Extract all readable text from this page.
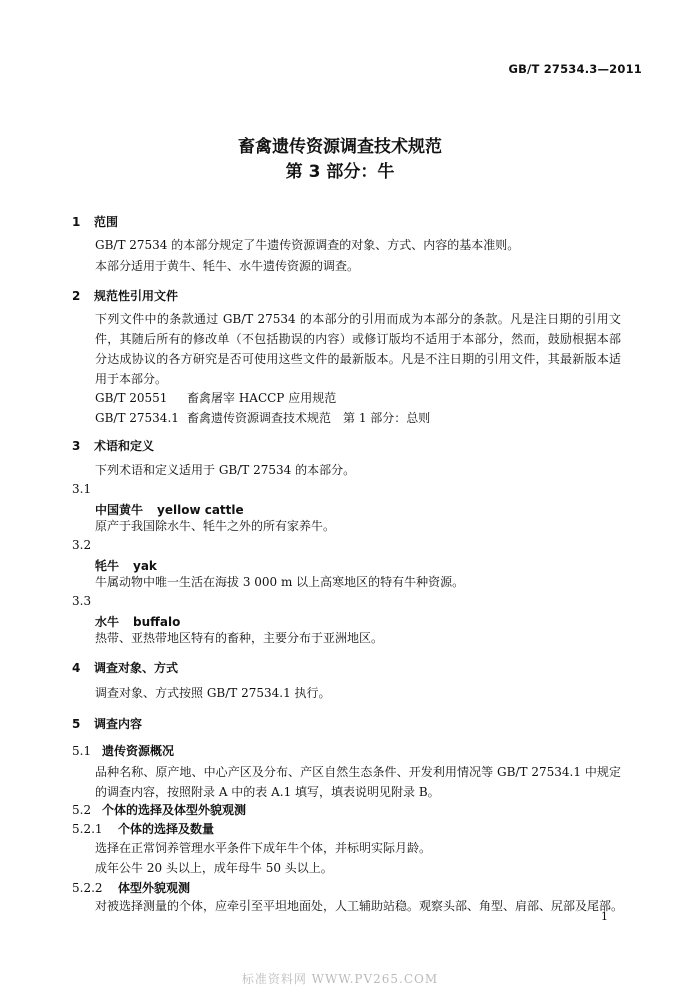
GB/T 27534.3—2011
畜禽遗传资源调查技术规范
第 3 部分：牛
1 范围
GB/T 27534 的本部分规定了牛遗传资源调查的对象、方式、内容的基本准则。
本部分适用于黄牛、牦牛、水牛遗传资源的调查。
2 规范性引用文件
下列文件中的条款通过 GB/T 27534 的本部分的引用而成为本部分的条款。凡是注日期的引用文件，其随后所有的修改单（不包括勘误的内容）或修订版均不适用于本部分，然而，鼓励根据本部分达成协议的各方研究是否可使用这些文件的最新版本。凡是不注日期的引用文件，其最新版本适用于本部分。
GB/T 20551 畜禽屠宰 HACCP 应用规范
GB/T 27534.1 畜禽遗传资源调查技术规范　第 1 部分：总则
3 术语和定义
下列术语和定义适用于 GB/T 27534 的本部分。
3.1
中国黄牛 yellow cattle
原产于我国除水牛、牦牛之外的所有家养牛。
3.2
牦牛 yak
牛属动物中唯一生活在海拔 3 000 m 以上高寒地区的特有牛种资源。
3.3
水牛 buffalo
热带、亚热带地区特有的畜种，主要分布于亚洲地区。
4 调查对象、方式
调查对象、方式按照 GB/T 27534.1 执行。
5 调查内容
5.1 遗传资源概况
品种名称、原产地、中心产区及分布、产区自然生态条件、开发利用情况等 GB/T 27534.1 中规定的调查内容，按照附录 A 中的表 A.1 填写，填表说明见附录 B。
5.2 个体的选择及体型外貌观测
5.2.1 个体的选择及数量
选择在正常饲养管理水平条件下成年牛个体，并标明实际月龄。
成年公牛 20 头以上，成年母牛 50 头以上。
5.2.2 体型外貌观测
对被选择测量的个体，应牵引至平坦地面处，人工辅助站稳。观察头部、角型、肩部、尻部及尾部。
1
标准资料网 WWW.PV265.COM
